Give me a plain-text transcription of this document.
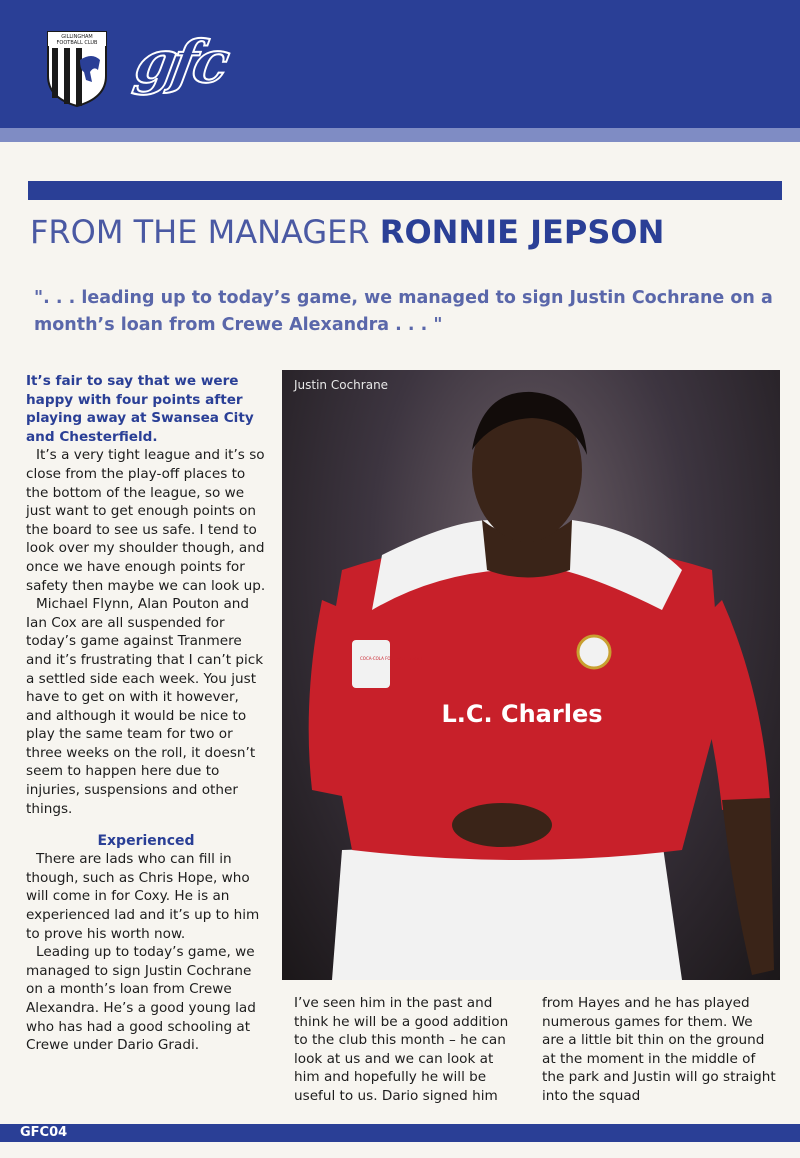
GILLINGHAM
FOOTBALL CLUB gfc
FROM THE MANAGER RONNIE JEPSON
". . . leading up to today’s game, we managed to sign Justin Cochrane on a month’s loan from Crewe Alexandra . . . "

It’s fair to say that we were happy with four points after playing away at Swansea City and Chesterfield.

It’s a very tight league and it’s so close from the play-off places to the bottom of the league, so we just want to get enough points on the board to see us safe. I tend to look over my shoulder though, and once we have enough points for safety then maybe we can look up.

Michael Flynn, Alan Pouton and Ian Cox are all suspended for today’s game against Tranmere and it’s frustrating that I can’t pick a settled side each week. You just have to get on with it however, and although it would be nice to play the same team for two or three weeks on the roll, it doesn’t seem to happen here due to injuries, suspensions and other things.

Experienced

There are lads who can fill in though, such as Chris Hope, who will come in for Coxy. He is an experienced lad and it’s up to him to prove his worth now.

Leading up to today’s game, we managed to sign Justin Cochrane on a month’s loan from Crewe Alexandra. He’s a good young lad who has had a good schooling at Crewe under Dario Gradi.

L.C. Charles
COCA-COLA FOOTBALL LEAGUE
Justin Cochrane

I’ve seen him in the past and think he will be a good addition to the club this month – he can look at us and we can look at him and hopefully he will be useful to us. Dario signed him

from Hayes and he has played numerous games for them. We are a little bit thin on the ground at the moment in the middle of the park and Justin will go straight into the squad

GFC04
